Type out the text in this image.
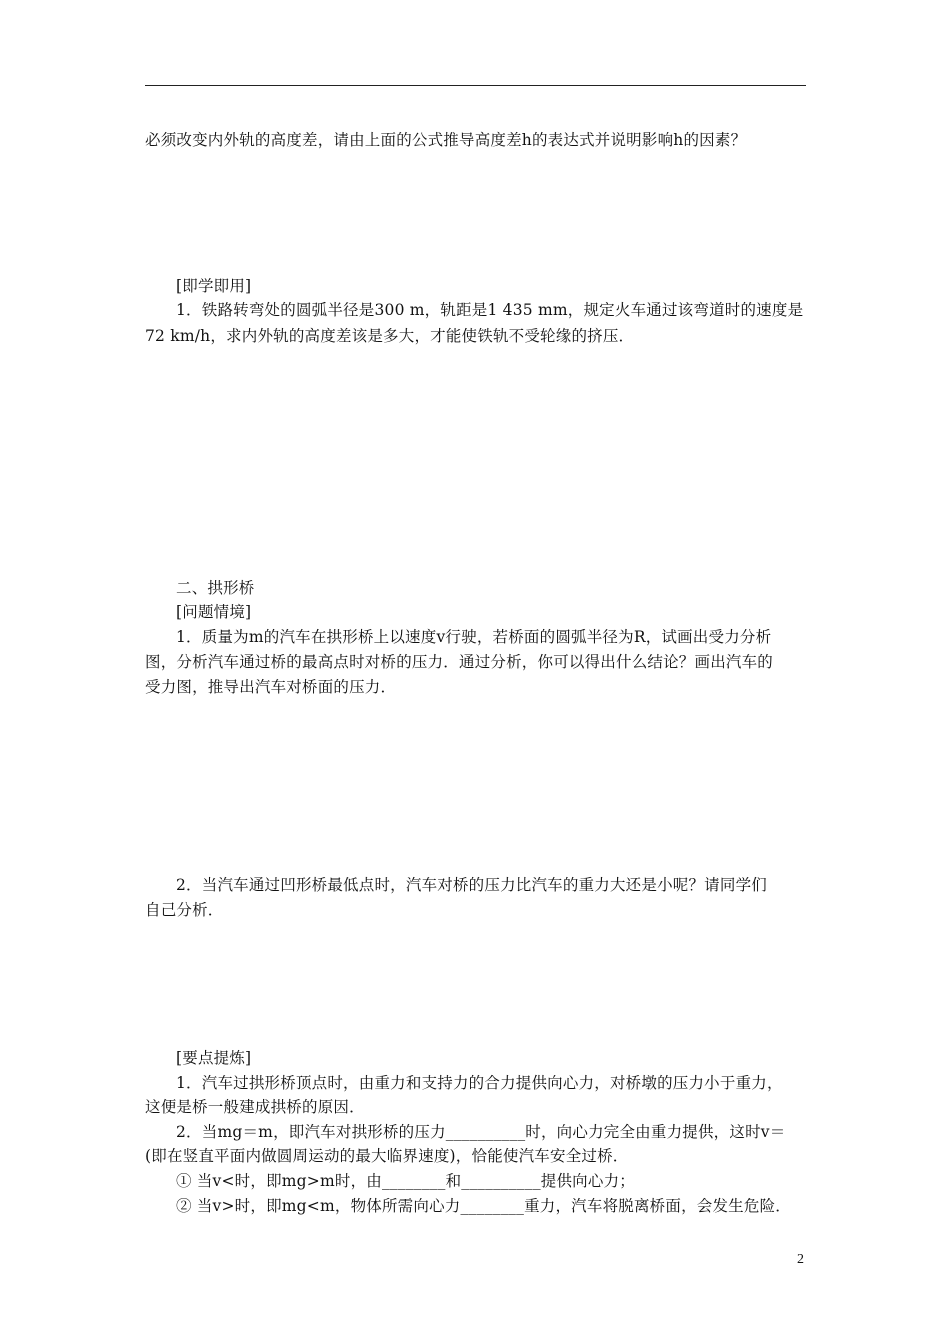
必须改变内外轨的高度差，请由上面的公式推导高度差h的表达式并说明影响h的因素？
[即学即用]
1．铁路转弯处的圆弧半径是300 m，轨距是1 435 mm，规定火车通过该弯道时的速度是
72 km/h，求内外轨的高度差该是多大，才能使铁轨不受轮缘的挤压．
二、拱形桥
[问题情境]
1．质量为m的汽车在拱形桥上以速度v行驶，若桥面的圆弧半径为R，试画出受力分析
图，分析汽车通过桥的最高点时对桥的压力．通过分析，你可以得出什么结论？画出汽车的
受力图，推导出汽车对桥面的压力．
2．当汽车通过凹形桥最低点时，汽车对桥的压力比汽车的重力大还是小呢？请同学们
自己分析．
[要点提炼]
1．汽车过拱形桥顶点时，由重力和支持力的合力提供向心力，对桥墩的压力小于重力，
这便是桥一般建成拱桥的原因．
2．当mg＝m，即汽车对拱形桥的压力__________时，向心力完全由重力提供，这时v＝
(即在竖直平面内做圆周运动的最大临界速度)，恰能使汽车安全过桥．
① 当v<时，即mg>m时，由________和__________提供向心力；
② 当v>时，即mg<m，物体所需向心力________重力，汽车将脱离桥面，会发生危险．
2
